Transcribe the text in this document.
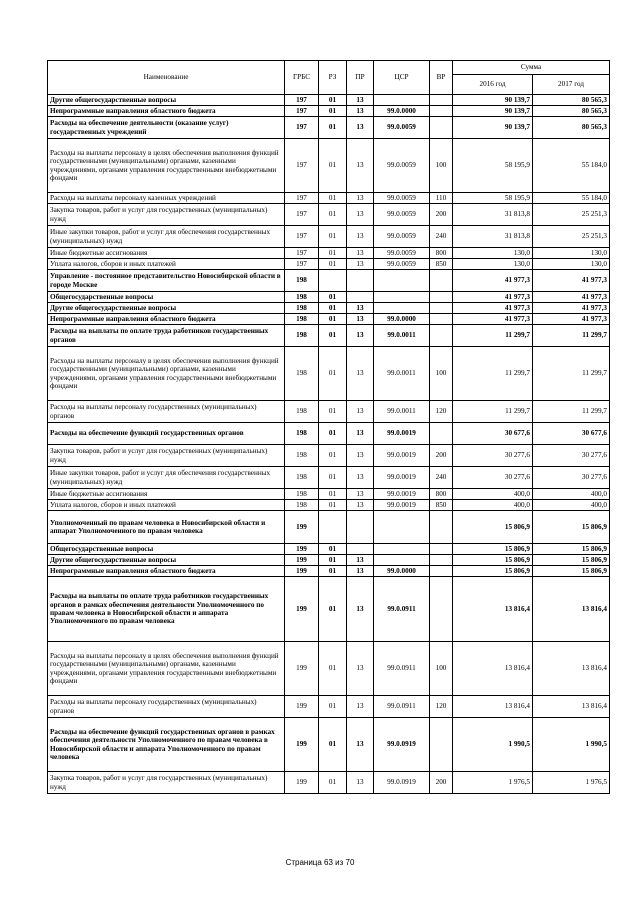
Наименование	ГРБС	РЗ	ПР	ЦСР	ВР	Сумма	
						2016 год	2017 год
Другие общегосударственные вопросы	197	01	13			90 139,7	80 565,3
Непрограммные направления областного бюджета	197	01	13	99.0.0000		90 139,7	80 565,3
Расходы на обеспечение деятельности (оказание услуг) государственных учреждений	197	01	13	99.0.0059		90 139,7	80 565,3
Расходы на выплаты персоналу в целях обеспечения выполнения функций государственными (муниципальными) органами, казенными учреждениями, органами управления государственными внебюджетными фондами	197	01	13	99.0.0059	100	58 195,9	55 184,0
Расходы на выплаты персоналу казенных учреждений	197	01	13	99.0.0059	110	58 195,9	55 184,0
Закупка товаров, работ и услуг для государственных (муниципальных) нужд	197	01	13	99.0.0059	200	31 813,8	25 251,3
Иные закупки товаров, работ и услуг для обеспечения государственных (муниципальных) нужд	197	01	13	99.0.0059	240	31 813,8	25 251,3
Иные бюджетные ассигнования	197	01	13	99.0.0059	800	130,0	130,0
Уплата налогов, сборов и иных платежей	197	01	13	99.0.0059	850	130,0	130,0
Управление - постоянное представительство Новосибирской области в городе Москве	198					41 977,3	41 977,3
Общегосударственные вопросы	198	01				41 977,3	41 977,3
Другие общегосударственные вопросы	198	01	13			41 977,3	41 977,3
Непрограммные направления областного бюджета	198	01	13	99.0.0000		41 977,3	41 977,3
Расходы на выплаты по оплате труда работников государственных органов	198	01	13	99.0.0011		11 299,7	11 299,7
Расходы на выплаты персоналу в целях обеспечения выполнения функций государственными (муниципальными) органами, казенными учреждениями, органами управления государственными внебюджетными фондами	198	01	13	99.0.0011	100	11 299,7	11 299,7
Расходы на выплаты персоналу государственных (муниципальных) органов	198	01	13	99.0.0011	120	11 299,7	11 299,7
Расходы на обеспечение функций государственных органов	198	01	13	99.0.0019		30 677,6	30 677,6
Закупка товаров, работ и услуг для государственных (муниципальных) нужд	198	01	13	99.0.0019	200	30 277,6	30 277,6
Иные закупки товаров, работ и услуг для обеспечения государственных (муниципальных) нужд	198	01	13	99.0.0019	240	30 277,6	30 277,6
Иные бюджетные ассигнования	198	01	13	99.0.0019	800	400,0	400,0
Уплата налогов, сборов и иных платежей	198	01	13	99.0.0019	850	400,0	400,0
Уполномоченный по правам человека в Новосибирской области и аппарат Уполномоченного по правам человека	199					15 806,9	15 806,9
Общегосударственные вопросы	199	01				15 806,9	15 806,9
Другие общегосударственные вопросы	199	01	13			15 806,9	15 806,9
Непрограммные направления областного бюджета	199	01	13	99.0.0000		15 806,9	15 806,9
Расходы на выплаты по оплате труда работников государственных органов в рамках обеспечения деятельности Уполномоченного по правам человека в Новосибирской области и аппарата Уполномоченного по правам человека	199	01	13	99.0.0911		13 816,4	13 816,4
Расходы на выплаты персоналу в целях обеспечения выполнения функций государственными (муниципальными) органами, казенными учреждениями, органами управления государственными внебюджетными фондами	199	01	13	99.0.0911	100	13 816,4	13 816,4
Расходы на выплаты персоналу государственных (муниципальных) органов	199	01	13	99.0.0911	120	13 816,4	13 816,4
Расходы на обеспечение функций государственных органов в рамках обеспечения деятельности Уполномоченного по правам человека в Новосибирской области и аппарата Уполномоченного по правам человека	199	01	13	99.0.0919		1 990,5	1 990,5
Закупка товаров, работ и услуг для государственных (муниципальных) нужд	199	01	13	99.0.0919	200	1 976,5	1 976,5
Страница 63 из 70
